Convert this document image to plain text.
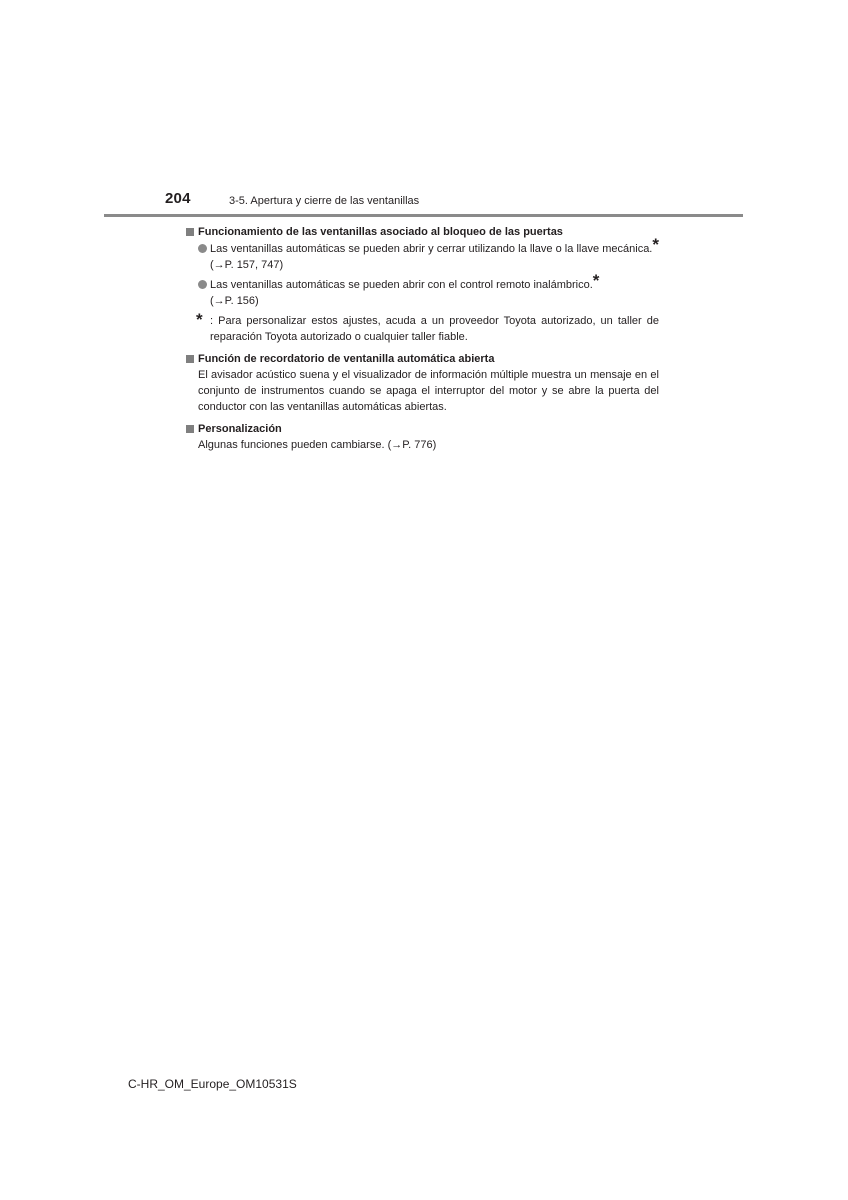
204	3-5. Apertura y cierre de las ventanillas
Funcionamiento de las ventanillas asociado al bloqueo de las puertas
Las ventanillas automáticas se pueden abrir y cerrar utilizando la llave o la llave mecánica.* (→P. 157, 747)
Las ventanillas automáticas se pueden abrir con el control remoto inalámbrico.*
(→P. 156)
* : Para personalizar estos ajustes, acuda a un proveedor Toyota autorizado, un taller de reparación Toyota autorizado o cualquier taller fiable.
Función de recordatorio de ventanilla automática abierta
El avisador acústico suena y el visualizador de información múltiple muestra un mensaje en el conjunto de instrumentos cuando se apaga el interruptor del motor y se abre la puerta del conductor con las ventanillas automáticas abiertas.
Personalización
Algunas funciones pueden cambiarse. (→P. 776)
C-HR_OM_Europe_OM10531S
